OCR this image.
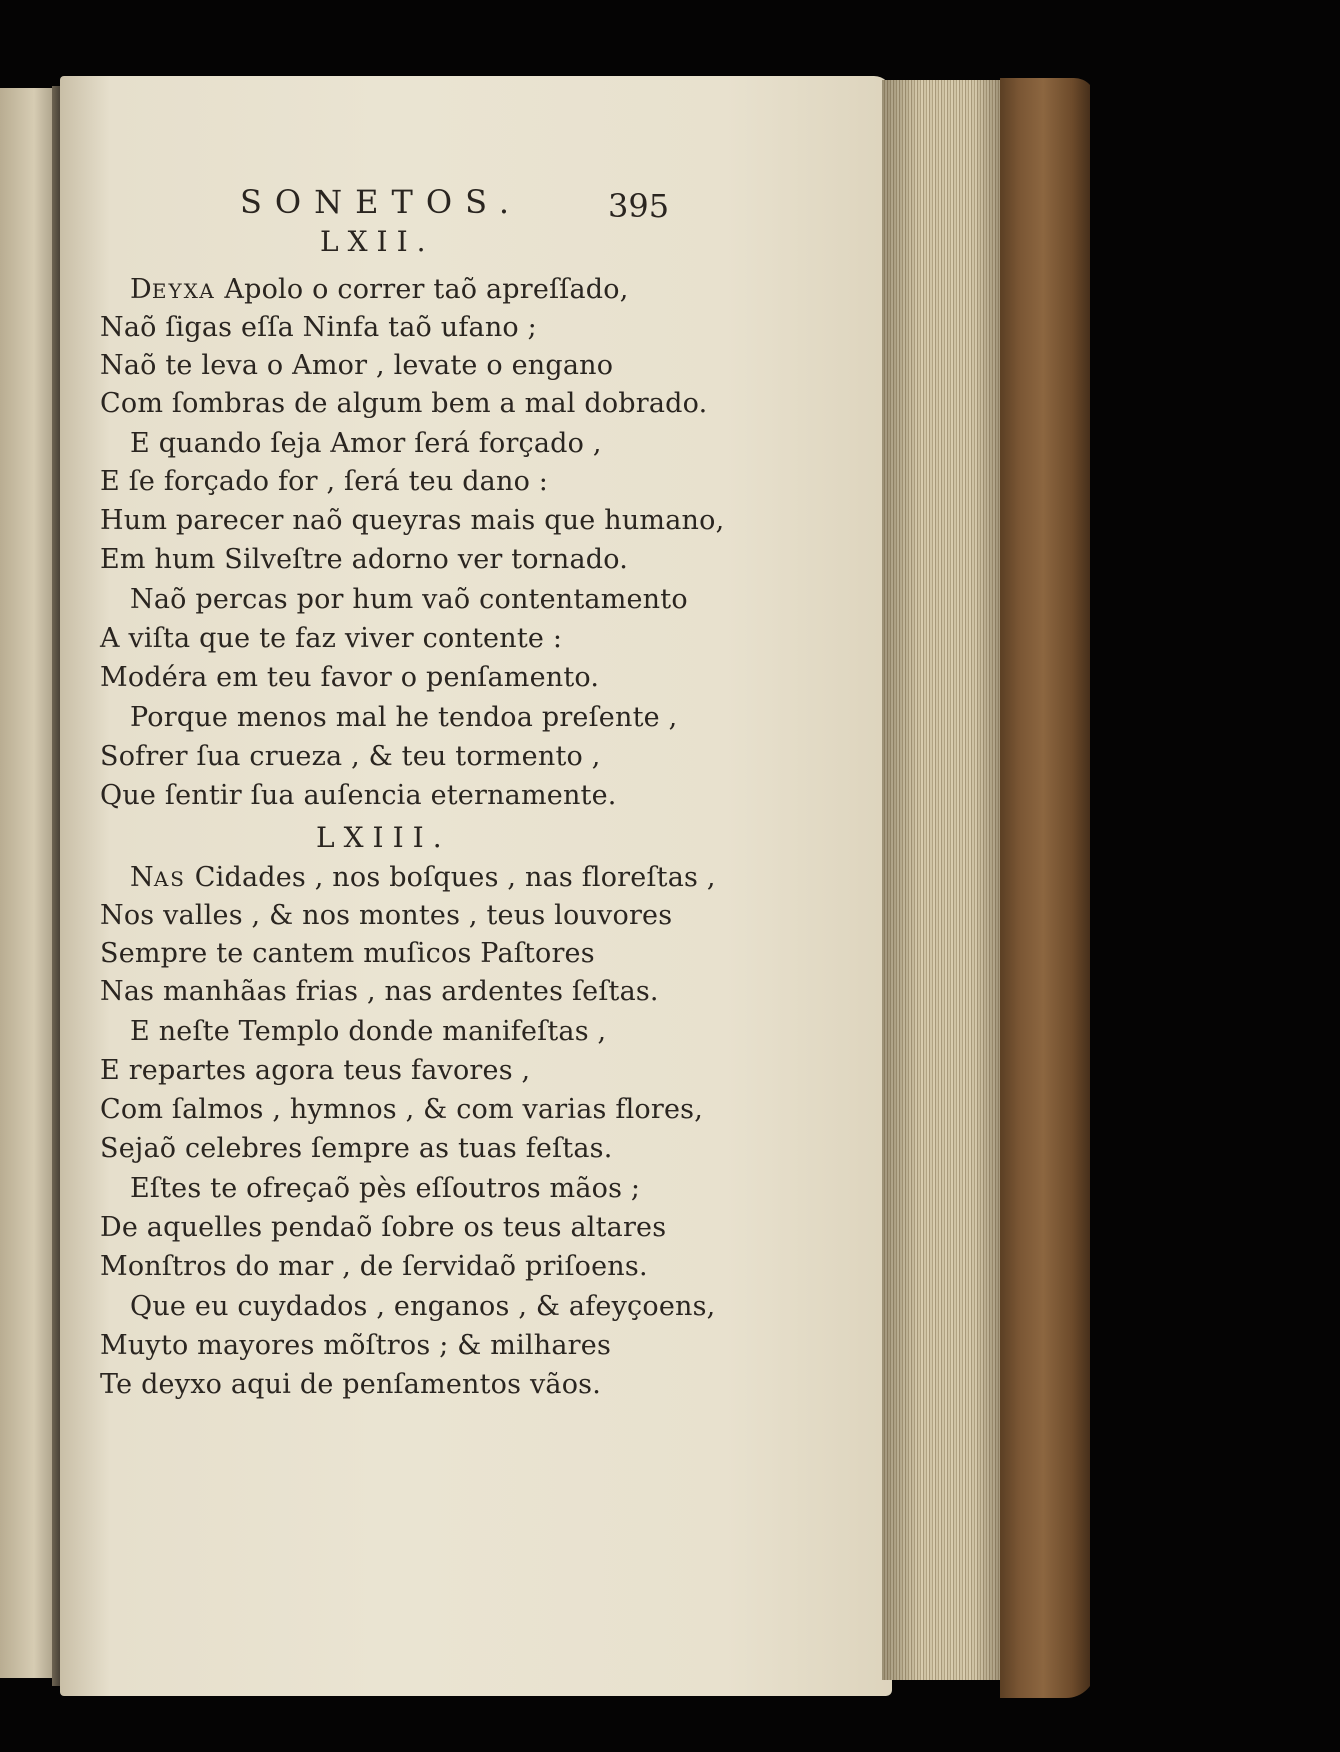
SONETOS.	395
LXII.
DEYXA Apolo o correr taõ apreſſado,
Naõ ſigas eſſa Ninfa taõ ufano ;
Naõ te leva o Amor , levate o engano
Com ſombras de algum bem a mal dobrado.
E quando ſeja Amor ſerá forçado ,
E ſe forçado for , ſerá teu dano :
Hum parecer naõ queyras mais que humano,
Em hum Silveſtre adorno ver tornado.
Naõ percas por hum vaõ contentamento
A viſta que te faz viver contente :
Modéra em teu favor o penſamento.
Porque menos mal he tendoa preſente ,
Sofrer ſua crueza , & teu tormento ,
Que ſentir ſua auſencia eternamente.
LXIII.
NAS Cidades , nos boſques , nas floreſtas ,
Nos valles , & nos montes , teus louvores
Sempre te cantem muſicos Paſtores
Nas manhãas frias , nas ardentes ſeſtas.
E neſte Templo donde manifeſtas ,
E repartes agora teus favores ,
Com ſalmos , hymnos , & com varias flores,
Sejaõ celebres ſempre as tuas feſtas.
Eſtes te ofreçaõ pès eſſoutros mãos ;
De aquelles pendaõ ſobre os teus altares
Monſtros do mar , de ſervidaõ priſoens.
Que eu cuydados , enganos , & afeyçoens,
Muyto mayores mõſtros ; & milhares
Te deyxo aqui de penſamentos vãos.
